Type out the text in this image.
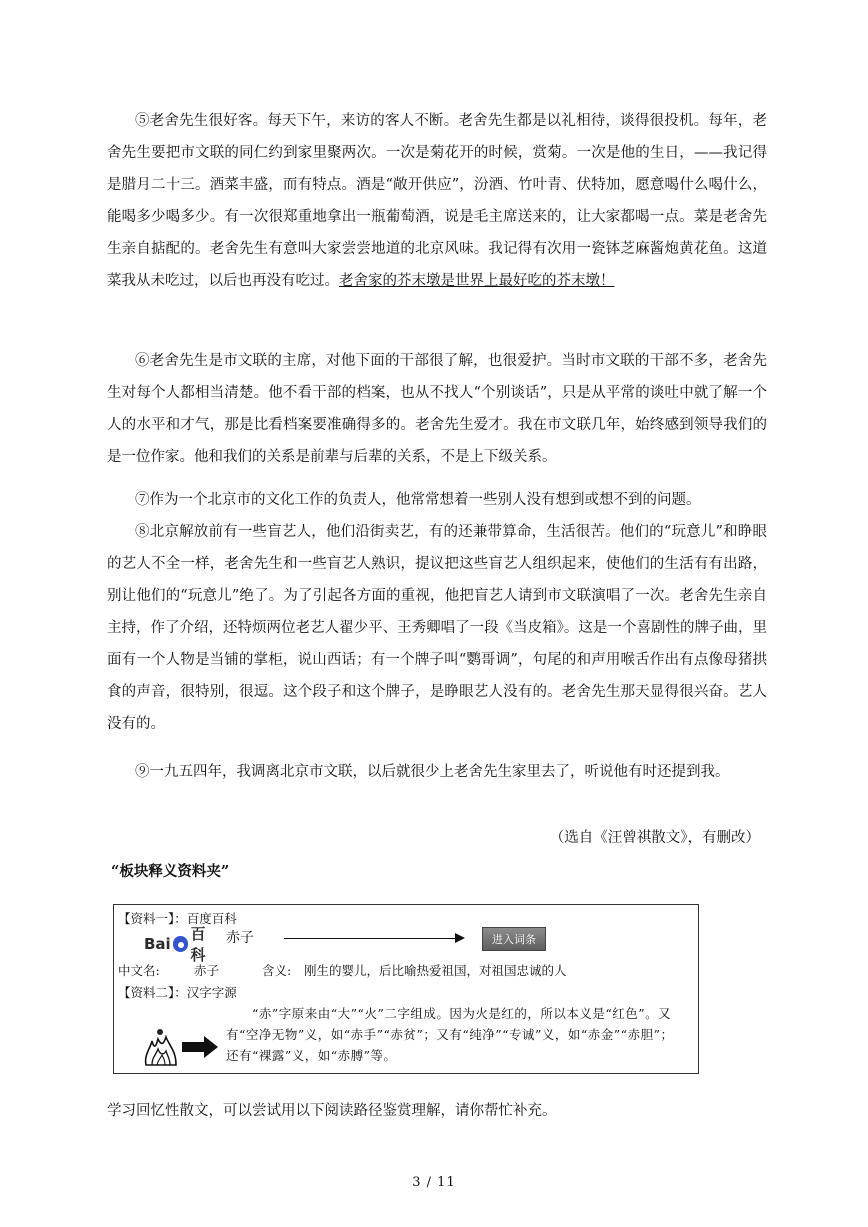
⑤老舍先生很好客。每天下午，来访的客人不断。老舍先生都是以礼相待，谈得很投机。每年，老舍先生要把市文联的同仁约到家里聚两次。一次是菊花开的时候，赏菊。一次是他的生日，——我记得是腊月二十三。酒菜丰盛，而有特点。酒是“敞开供应”，汾酒、竹叶青、伏特加，愿意喝什么喝什么，能喝多少喝多少。有一次很郑重地拿出一瓶葡萄酒，说是毛主席送来的，让大家都喝一点。菜是老舍先生亲自掂配的。老舍先生有意叫大家尝尝地道的北京风味。我记得有次用一瓷钵芝麻酱炮黄花鱼。这道菜我从未吃过，以后也再没有吃过。老舍家的芥末墩是世界上最好吃的芥末墩！

⑥老舍先生是市文联的主席，对他下面的干部很了解，也很爱护。当时市文联的干部不多，老舍先生对每个人都相当清楚。他不看干部的档案，也从不找人“个别谈话”，只是从平常的谈吐中就了解一个人的水平和才气，那是比看档案要准确得多的。老舍先生爱才。我在市文联几年，始终感到领导我们的是一位作家。他和我们的关系是前辈与后辈的关系，不是上下级关系。

⑦作为一个北京市的文化工作的负责人，他常常想着一些别人没有想到或想不到的问题。

⑧北京解放前有一些盲艺人，他们沿街卖艺，有的还兼带算命，生活很苦。他们的“玩意儿”和睁眼的艺人不全一样，老舍先生和一些盲艺人熟识，提议把这些盲艺人组织起来，使他们的生活有有出路，别让他们的“玩意儿”绝了。为了引起各方面的重视，他把盲艺人请到市文联演唱了一次。老舍先生亲自主持，作了介绍，还特烦两位老艺人翟少平、王秀卿唱了一段《当皮箱》。这是一个喜剧性的牌子曲，里面有一个人物是当铺的掌柜，说山西话；有一个牌子叫“鹦哥调”，句尾的和声用喉舌作出有点像母猪拱食的声音，很特别，很逗。这个段子和这个牌子，是睁眼艺人没有的。老舍先生那天显得很兴奋。艺人没有的。

⑨一九五四年，我调离北京市文联，以后就很少上老舍先生家里去了，听说他有时还提到我。

（选自《汪曾祺散文》，有删改）
“板块释义资料夹”
【资料一】：百度百科
Bai
百科
赤子	进入词条
中文名:	赤子	含义: 刚生的婴儿，后比喻热爱祖国，对祖国忠诚的人
【资料二】：汉字字源
“赤”字原来由“大”“火”二字组成。因为火是红的，所以本义是“红色”。又有“空净无物”义，如“赤手”“赤贫”；又有“纯净”“专诚”义，如“赤金”“赤胆”；还有“裸露”义，如“赤膊”等。
学习回忆性散文，可以尝试用以下阅读路径鉴赏理解，请你帮忙补充。
3 / 11
